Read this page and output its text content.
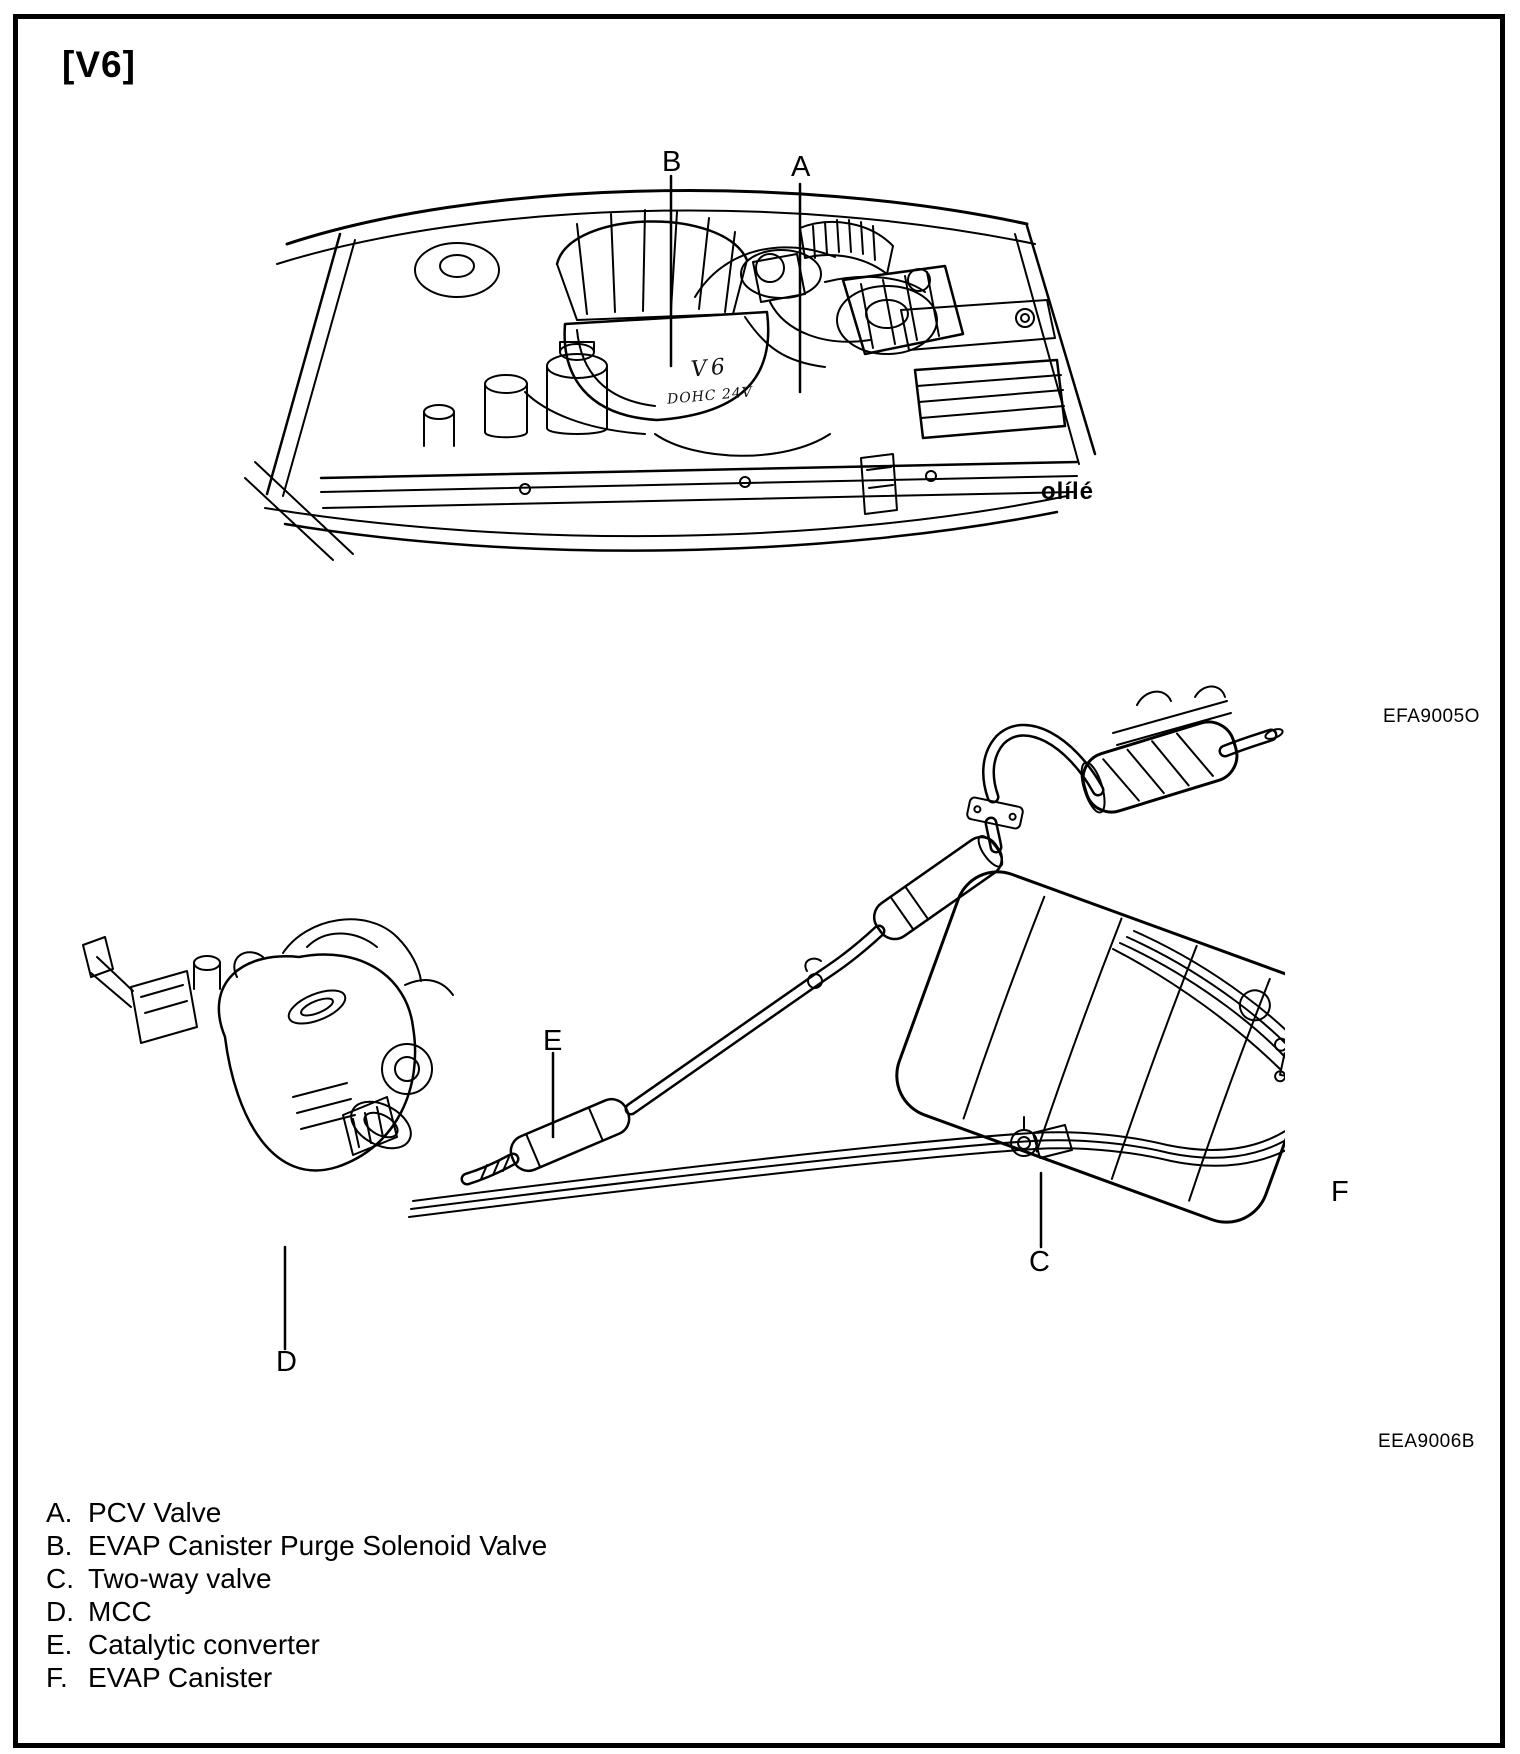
[V6]
V6
DOHC 24V
olílé
B	A
E
C
D
F
EFA9005O
EEA9006B
A. PCV Valve
B. EVAP Canister Purge Solenoid Valve
C. Two-way valve
D. MCC
E. Catalytic converter
F. EVAP Canister
